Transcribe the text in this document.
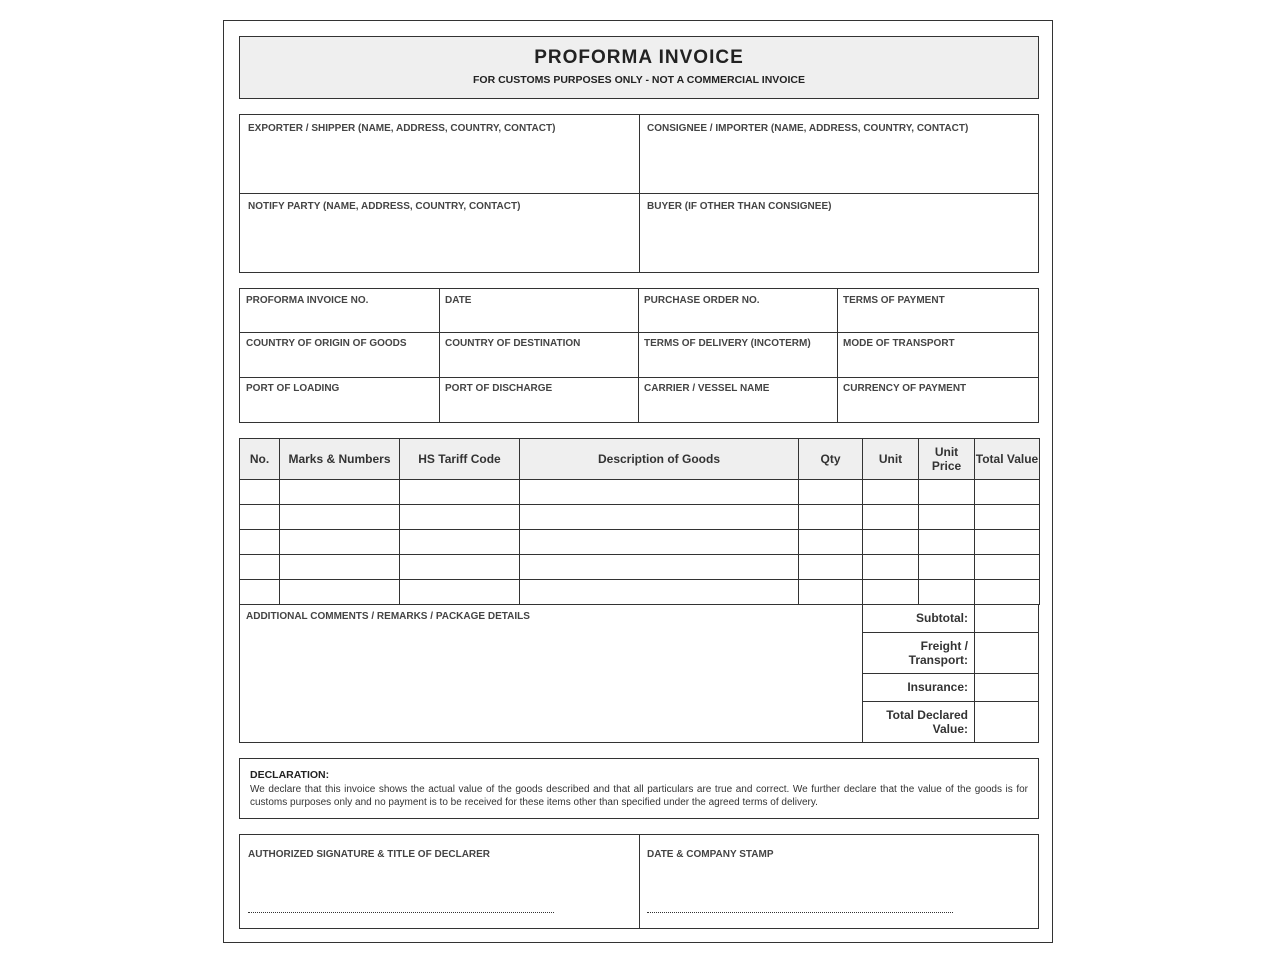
PROFORMA INVOICE
FOR CUSTOMS PURPOSES ONLY - NOT A COMMERCIAL INVOICE
EXPORTER / SHIPPER (NAME, ADDRESS, COUNTRY, CONTACT)	CONSIGNEE / IMPORTER (NAME, ADDRESS, COUNTRY, CONTACT)
NOTIFY PARTY (NAME, ADDRESS, COUNTRY, CONTACT)	BUYER (IF OTHER THAN CONSIGNEE)
PROFORMA INVOICE NO.	DATE	PURCHASE ORDER NO.	TERMS OF PAYMENT
COUNTRY OF ORIGIN OF GOODS	COUNTRY OF DESTINATION	TERMS OF DELIVERY (INCOTERM)	MODE OF TRANSPORT
PORT OF LOADING	PORT OF DISCHARGE	CARRIER / VESSEL NAME	CURRENCY OF PAYMENT
No.	Marks & Numbers	HS Tariff Code	Description of Goods	Qty	Unit	Unit Price	Total Value

ADDITIONAL COMMENTS / REMARKS / PACKAGE DETAILS	Subtotal:
Freight / Transport:
Insurance:
Total Declared Value:
DECLARATION:
We declare that this invoice shows the actual value of the goods described and that all particulars are true and correct. We further declare that the value of the goods is for customs purposes only and no payment is to be received for these items other than specified under the agreed terms of delivery.
AUTHORIZED SIGNATURE & TITLE OF DECLARER	DATE & COMPANY STAMP
